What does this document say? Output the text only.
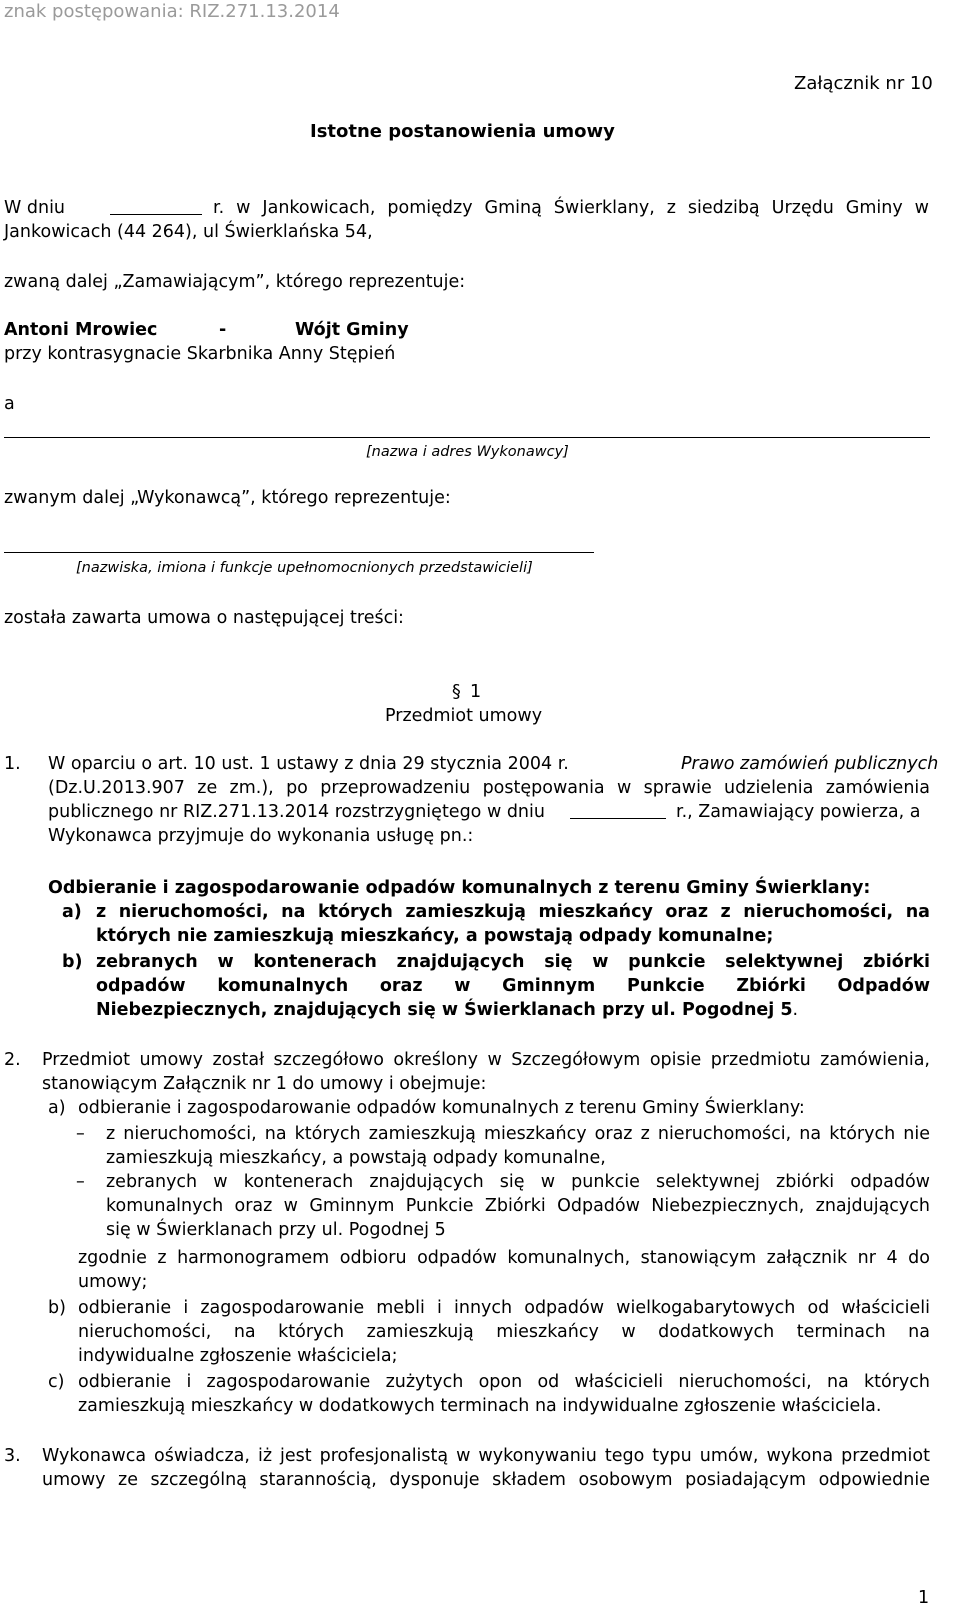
znak postępowania: RIZ.271.13.2014
Załącznik nr 10
Istotne postanowienia umowy
W dniu	r. w Jankowicach, pomiędzy Gminą Świerklany, z siedzibą Urzędu Gminy w
Jankowicach (44 264), ul Świerklańska 54,
zwaną dalej „Zamawiającym”, którego reprezentuje:
Antoni Mrowiec	-	Wójt Gminy
przy kontrasygnacie Skarbnika Anny Stępień
a
[nazwa i adres Wykonawcy]
zwanym dalej „Wykonawcą”, którego reprezentuje:
[nazwiska, imiona i funkcje upełnomocnionych przedstawicieli]
została zawarta umowa o następującej treści:
§ 1
Przedmiot umowy
1. W oparciu o art. 10 ust. 1 ustawy z dnia 29 stycznia 2004 r.	Prawo zamówień publicznych
(Dz.U.2013.907 ze zm.), po przeprowadzeniu postępowania w sprawie udzielenia zamówienia
publicznego nr RIZ.271.13.2014 rozstrzygniętego w dniu	r., Zamawiający powierza, a
Wykonawca przyjmuje do wykonania usługę pn.:
Odbieranie i zagospodarowanie odpadów komunalnych z terenu Gminy Świerklany:
a) z nieruchomości, na których zamieszkują mieszkańcy oraz z nieruchomości, na
których nie zamieszkują mieszkańcy, a powstają odpady komunalne;
b) zebranych w kontenerach znajdujących się w punkcie selektywnej zbiórki
odpadów komunalnych oraz w Gminnym Punkcie Zbiórki Odpadów
Niebezpiecznych, znajdujących się w Świerklanach przy ul. Pogodnej 5.
2. Przedmiot umowy został szczegółowo określony w Szczegółowym opisie przedmiotu zamówienia,
stanowiącym Załącznik nr 1 do umowy i obejmuje:
a) odbieranie i zagospodarowanie odpadów komunalnych z terenu Gminy Świerklany:
– z nieruchomości, na których zamieszkują mieszkańcy oraz z nieruchomości, na których nie
zamieszkują mieszkańcy, a powstają odpady komunalne,
– zebranych w kontenerach znajdujących się w punkcie selektywnej zbiórki odpadów
komunalnych oraz w Gminnym Punkcie Zbiórki Odpadów Niebezpiecznych, znajdujących
się w Świerklanach przy ul. Pogodnej 5
zgodnie z harmonogramem odbioru odpadów komunalnych, stanowiącym załącznik nr 4 do
umowy;
b) odbieranie i zagospodarowanie mebli i innych odpadów wielkogabarytowych od właścicieli
nieruchomości, na których zamieszkują mieszkańcy w dodatkowych terminach na
indywidualne zgłoszenie właściciela;
c) odbieranie i zagospodarowanie zużytych opon od właścicieli nieruchomości, na których
zamieszkują mieszkańcy w dodatkowych terminach na indywidualne zgłoszenie właściciela.
3. Wykonawca oświadcza, iż jest profesjonalistą w wykonywaniu tego typu umów, wykona przedmiot
umowy ze szczególną starannością, dysponuje składem osobowym posiadającym odpowiednie
1
